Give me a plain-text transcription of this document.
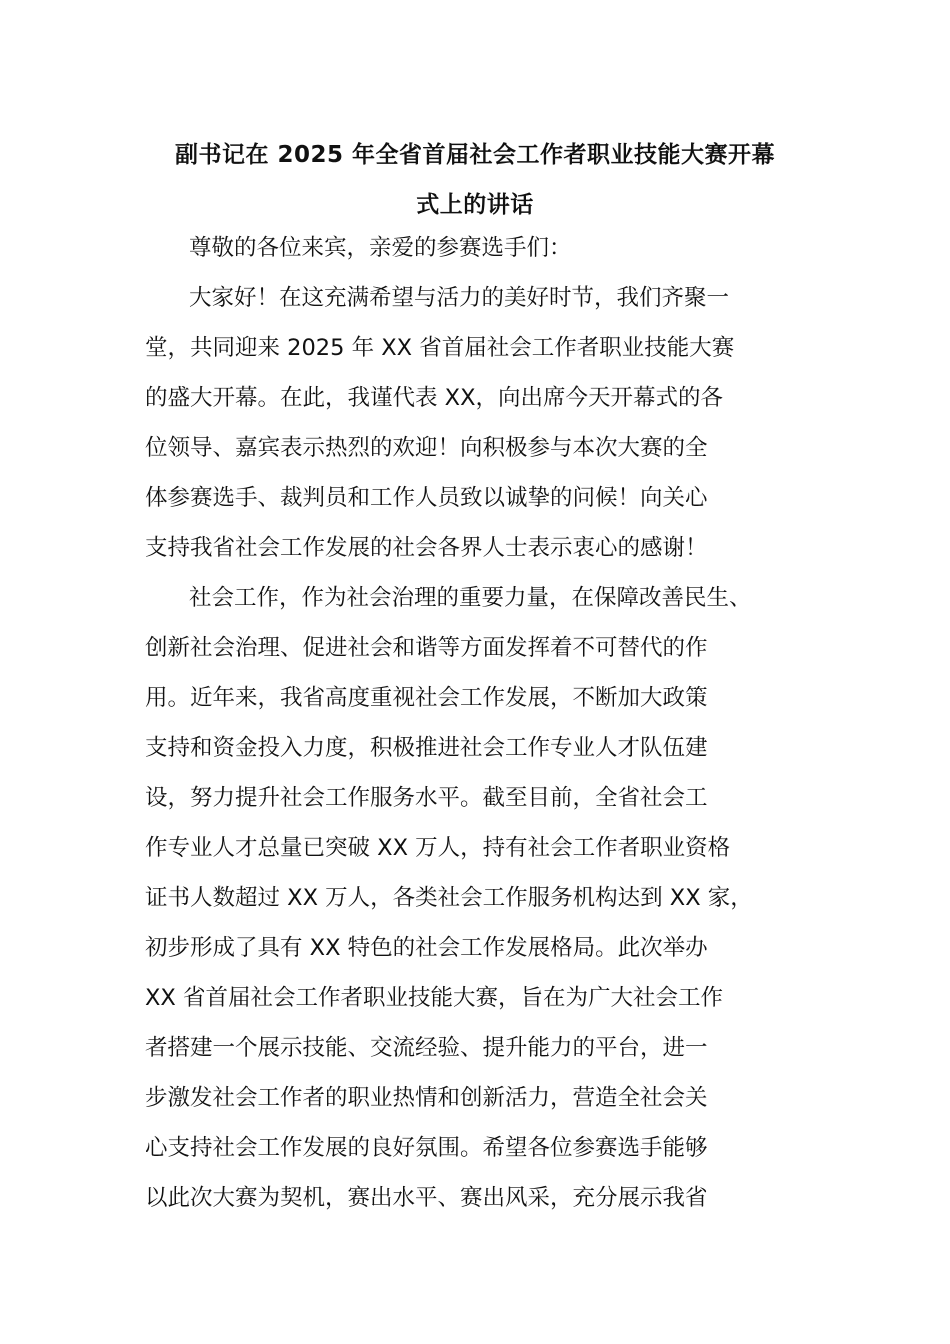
副书记在 2025 年全省首届社会工作者职业技能大赛开幕
式上的讲话
尊敬的各位来宾，亲爱的参赛选手们：
大家好！在这充满希望与活力的美好时节，我们齐聚一
堂，共同迎来 2025 年 XX 省首届社会工作者职业技能大赛
的盛大开幕。在此，我谨代表 XX，向出席今天开幕式的各
位领导、嘉宾表示热烈的欢迎！向积极参与本次大赛的全
体参赛选手、裁判员和工作人员致以诚挚的问候！向关心
支持我省社会工作发展的社会各界人士表示衷心的感谢！
社会工作，作为社会治理的重要力量，在保障改善民生、
创新社会治理、促进社会和谐等方面发挥着不可替代的作
用。近年来，我省高度重视社会工作发展，不断加大政策
支持和资金投入力度，积极推进社会工作专业人才队伍建
设，努力提升社会工作服务水平。截至目前，全省社会工
作专业人才总量已突破 XX 万人，持有社会工作者职业资格
证书人数超过 XX 万人，各类社会工作服务机构达到 XX 家，
初步形成了具有 XX 特色的社会工作发展格局。此次举办
XX 省首届社会工作者职业技能大赛，旨在为广大社会工作
者搭建一个展示技能、交流经验、提升能力的平台，进一
步激发社会工作者的职业热情和创新活力，营造全社会关
心支持社会工作发展的良好氛围。希望各位参赛选手能够
以此次大赛为契机，赛出水平、赛出风采，充分展示我省
